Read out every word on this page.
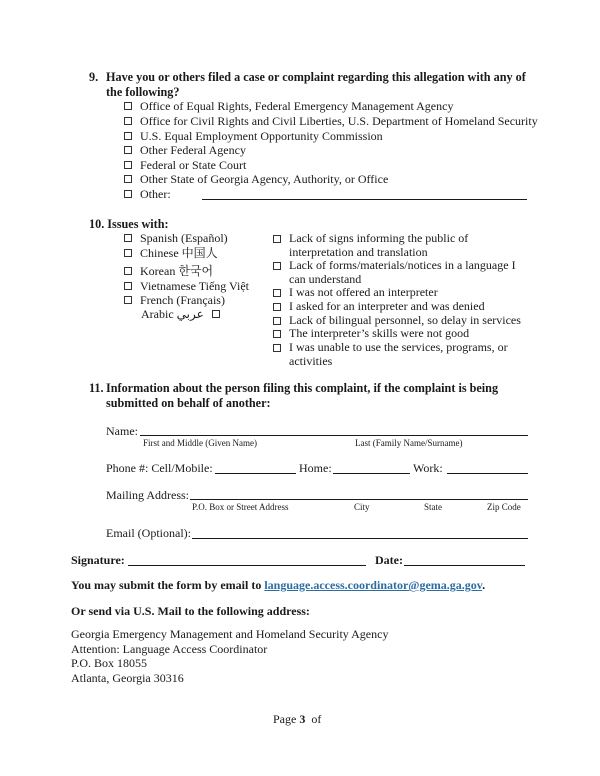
9. Have you or others filed a case or complaint regarding this allegation with any of
the following?
Office of Equal Rights, Federal Emergency Management Agency
Office for Civil Rights and Civil Liberties, U.S. Department of Homeland Security
U.S. Equal Employment Opportunity Commission
Other Federal Agency
Federal or State Court
Other State of Georgia Agency, Authority, or Office
Other:
10. Issues with:
Spanish (Español)
Chinese 中国人
Korean 한국어
Vietnamese Tiếng Việt
French (Français)
Arabic عربي
Lack of signs informing the public of
interpretation and translation
Lack of forms/materials/notices in a language I
can understand
I was not offered an interpreter
I asked for an interpreter and was denied
Lack of bilingual personnel, so delay in services
The interpreter’s skills were not good
I was unable to use the services, programs, or
activities
11. Information about the person filing this complaint, if the complaint is being
submitted on behalf of another:
Name:
First and Middle (Given Name)	Last (Family Name/Surname)
Phone #: Cell/Mobile:	Home:	Work:
Mailing Address:
P.O. Box or Street Address	City	State	Zip Code
Email (Optional):
Signature:	Date:
You may submit the form by email to language.access.coordinator@gema.ga.gov.
Or send via U.S. Mail to the following address:
Georgia Emergency Management and Homeland Security Agency
Attention: Language Access Coordinator
P.O. Box 18055
Atlanta, Georgia 30316
Page 3  of
